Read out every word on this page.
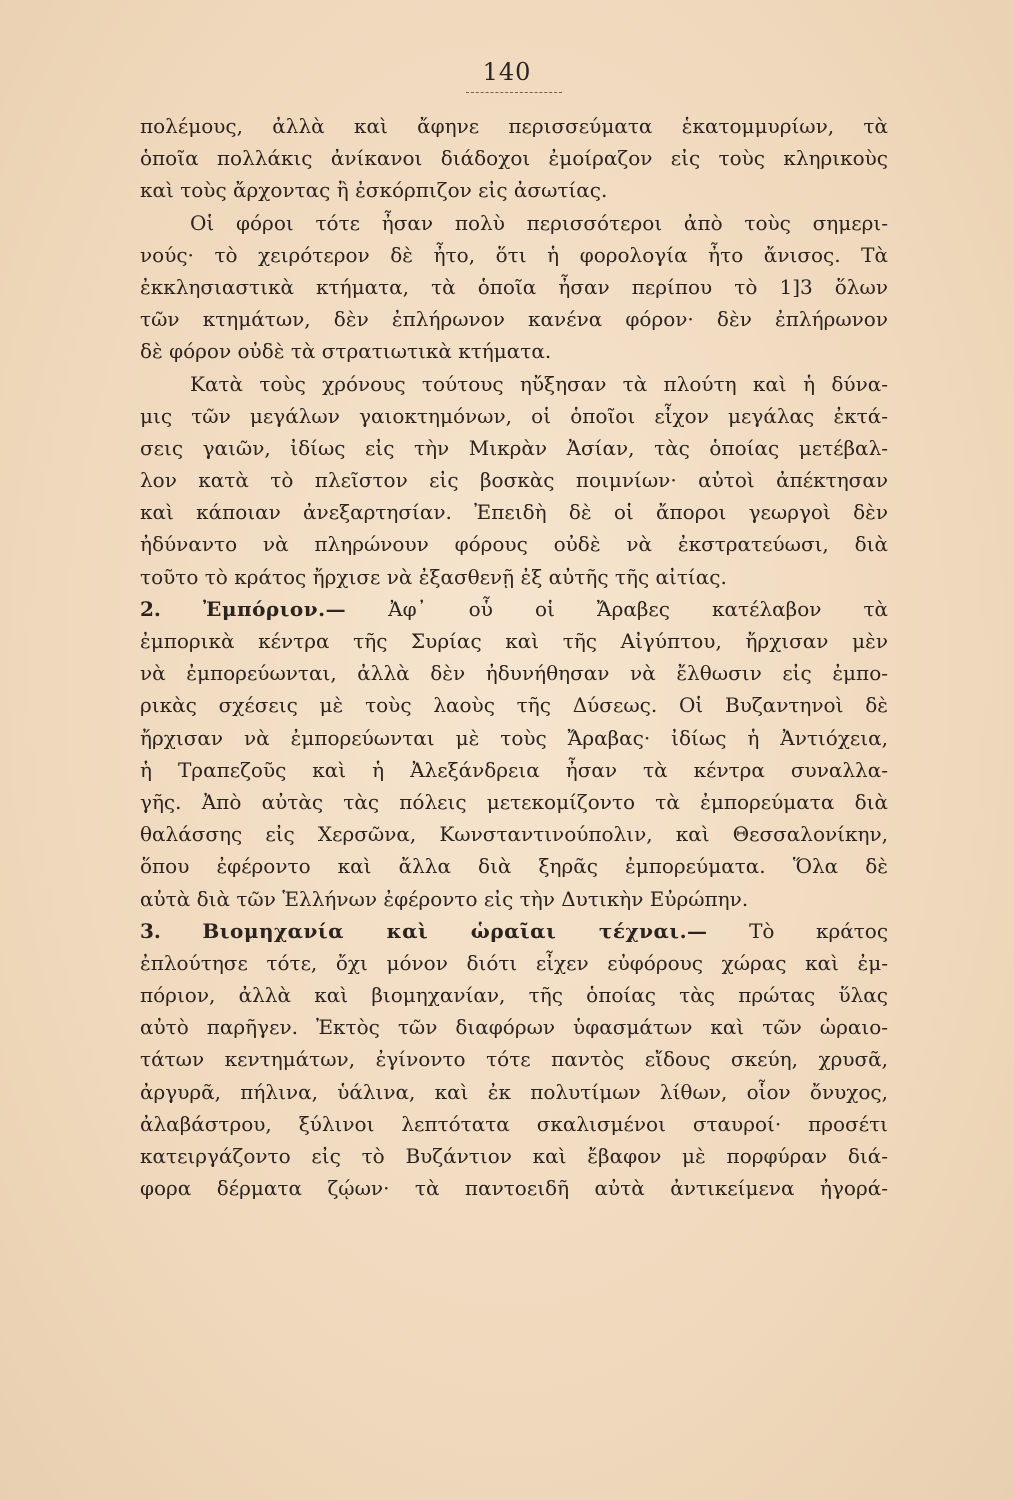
140
πολέμους, ἀλλὰ καὶ ἄφηνε περισσεύματα ἑκατομμυρίων, τὰ
ὁποῖα πολλάκις ἀνίκανοι διάδοχοι ἐμοίραζον εἰς τοὺς κληρικοὺς
καὶ τοὺς ἄρχοντας ἢ ἐσκόρπιζον εἰς ἀσωτίας.
Οἱ φόροι τότε ἦσαν πολὺ περισσότεροι ἀπὸ τοὺς σημερι-
νούς· τὸ χειρότερον δὲ ἦτο, ὅτι ἡ φορολογία ἦτο ἄνισος. Τὰ
ἐκκλησιαστικὰ κτήματα, τὰ ὁποῖα ἦσαν περίπου τὸ 1]3 ὅλων
τῶν κτημάτων, δὲν ἐπλήρωνον κανένα φόρον· δὲν ἐπλήρωνον
δὲ φόρον οὐδὲ τὰ στρατιωτικὰ κτήματα.
Κατὰ τοὺς χρόνους τούτους ηὔξησαν τὰ πλούτη καὶ ἡ δύνα-
μις τῶν μεγάλων γαιοκτημόνων, οἱ ὁποῖοι εἶχον μεγάλας ἐκτά-
σεις γαιῶν, ἰδίως εἰς τὴν Μικρὰν Ἀσίαν, τὰς ὁποίας μετέβαλ-
λον κατὰ τὸ πλεῖστον εἰς βοσκὰς ποιμνίων· αὐτοὶ ἀπέκτησαν
καὶ κάποιαν ἀνεξαρτησίαν. Ἐπειδὴ δὲ οἱ ἄποροι γεωργοὶ δὲν
ἠδύναντο νὰ πληρώνουν φόρους οὐδὲ νὰ ἐκστρατεύωσι, διὰ
τοῦτο τὸ κράτος ἤρχισε νὰ ἐξασθενῇ ἐξ αὐτῆς τῆς αἰτίας.
2. Ἐμπόριον.— Ἀφ᾽ οὗ οἱ Ἄραβες κατέλαβον τὰ
ἐμπορικὰ κέντρα τῆς Συρίας καὶ τῆς Αἰγύπτου, ἤρχισαν μὲν
νὰ ἐμπορεύωνται, ἀλλὰ δὲν ἠδυνήθησαν νὰ ἔλθωσιν εἰς ἐμπο-
ρικὰς σχέσεις μὲ τοὺς λαοὺς τῆς Δύσεως. Οἱ Βυζαντηνοὶ δὲ
ἤρχισαν νὰ ἐμπορεύωνται μὲ τοὺς Ἄραβας· ἰδίως ἡ Ἀντιόχεια,
ἡ Τραπεζοῦς καὶ ἡ Ἀλεξάνδρεια ἦσαν τὰ κέντρα συναλλα-
γῆς. Ἀπὸ αὐτὰς τὰς πόλεις μετεκομίζοντο τὰ ἐμπορεύματα διὰ
θαλάσσης εἰς Χερσῶνα, Κωνσταντινούπολιν, καὶ Θεσσαλονίκην,
ὅπου ἐφέροντο καὶ ἄλλα διὰ ξηρᾶς ἐμπορεύματα. Ὅλα δὲ
αὐτὰ διὰ τῶν Ἑλλήνων ἐφέροντο εἰς τὴν Δυτικὴν Εὐρώπην.
3. Βιομηχανία καὶ ὡραῖαι τέχναι.— Τὸ κράτος
ἐπλούτησε τότε, ὄχι μόνον διότι εἶχεν εὐφόρους χώρας καὶ ἐμ-
πόριον, ἀλλὰ καὶ βιομηχανίαν, τῆς ὁποίας τὰς πρώτας ὕλας
αὐτὸ παρῆγεν. Ἐκτὸς τῶν διαφόρων ὑφασμάτων καὶ τῶν ὡραιο-
τάτων κεντημάτων, ἐγίνοντο τότε παντὸς εἴδους σκεύη, χρυσᾶ,
ἀργυρᾶ, πήλινα, ὑάλινα, καὶ ἐκ πολυτίμων λίθων, οἷον ὄνυχος,
ἀλαβάστρου, ξύλινοι λεπτότατα σκαλισμένοι σταυροί· προσέτι
κατειργάζοντο εἰς τὸ Βυζάντιον καὶ ἔβαφον μὲ πορφύραν διά-
φορα δέρματα ζῴων· τὰ παντοειδῆ αὐτὰ ἀντικείμενα ἠγορά-
